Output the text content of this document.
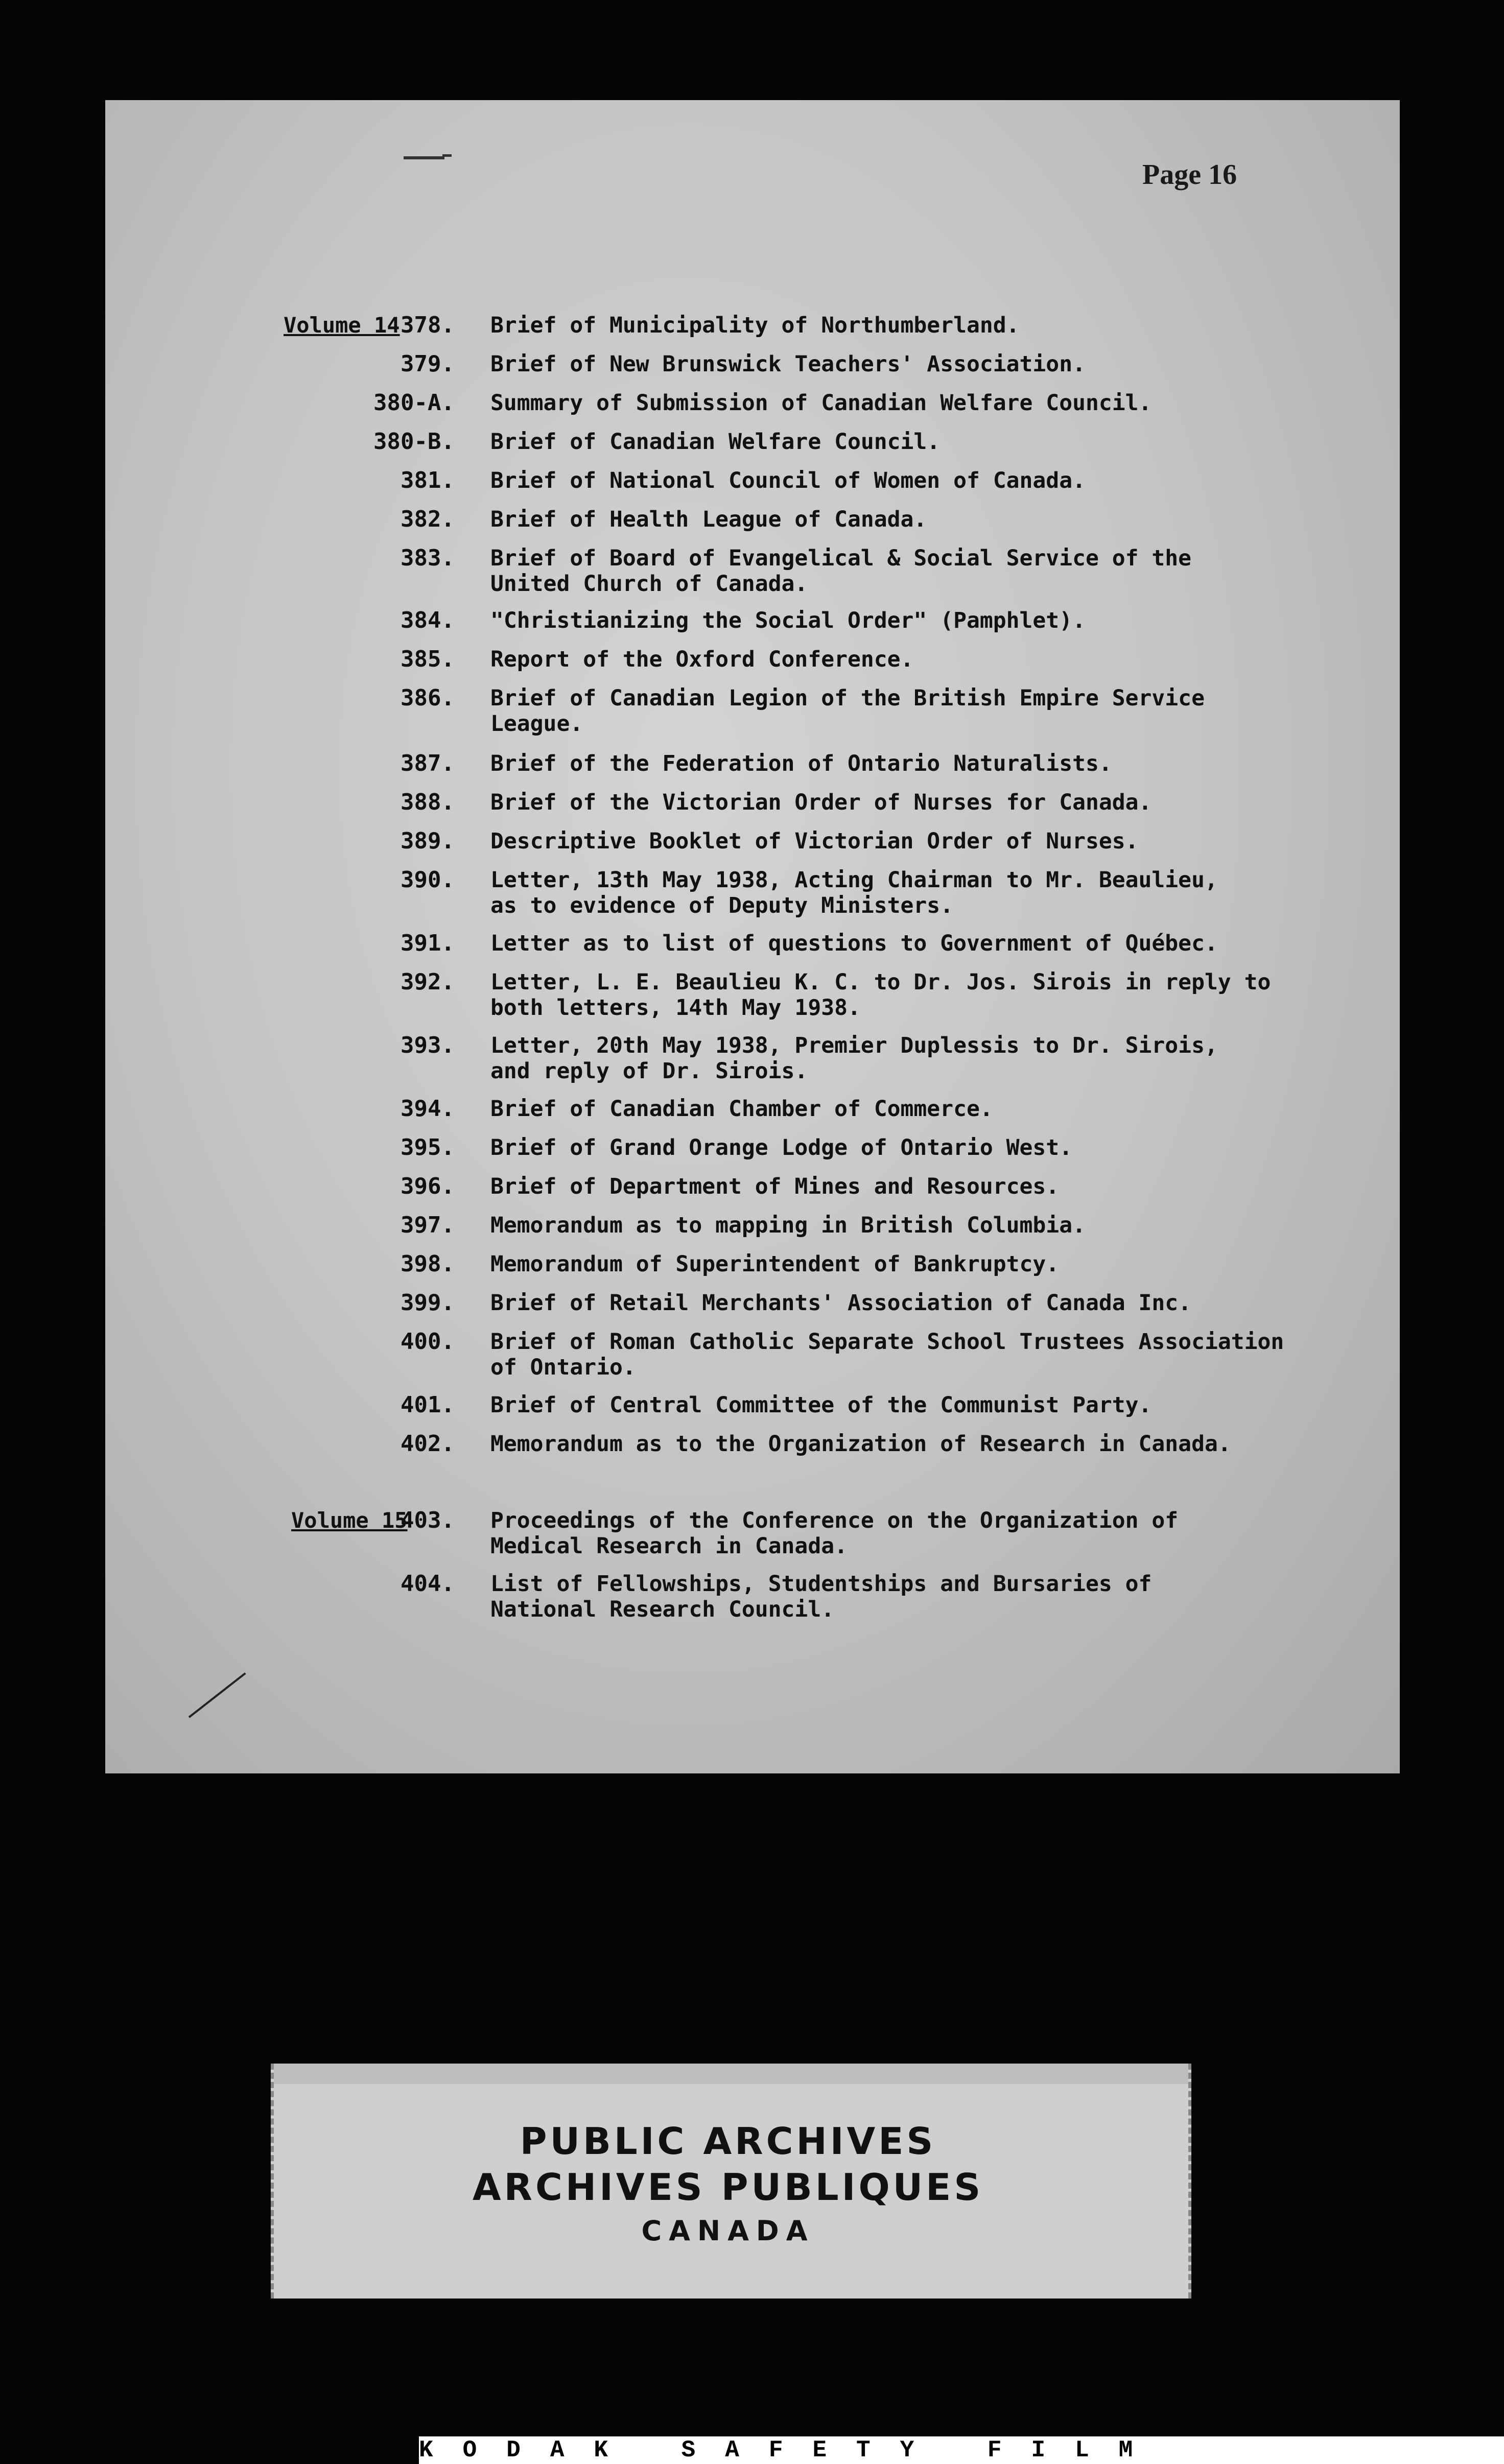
Page 16
Volume 14
Volume 15
378. Brief of Municipality of Northumberland.
379. Brief of New Brunswick Teachers' Association.
380-A. Summary of Submission of Canadian Welfare Council.
380-B. Brief of Canadian Welfare Council.
381. Brief of National Council of Women of Canada.
382. Brief of Health League of Canada.
383. Brief of Board of Evangelical & Social Service of the
United Church of Canada.
384. "Christianizing the Social Order" (Pamphlet).
385. Report of the Oxford Conference.
386. Brief of Canadian Legion of the British Empire Service
League.
387. Brief of the Federation of Ontario Naturalists.
388. Brief of the Victorian Order of Nurses for Canada.
389. Descriptive Booklet of Victorian Order of Nurses.
390. Letter, 13th May 1938, Acting Chairman to Mr. Beaulieu,
as to evidence of Deputy Ministers.
391. Letter as to list of questions to Government of Québec.
392. Letter, L. E. Beaulieu K. C. to Dr. Jos. Sirois in reply to
both letters, 14th May 1938.
393. Letter, 20th May 1938, Premier Duplessis to Dr. Sirois,
and reply of Dr. Sirois.
394. Brief of Canadian Chamber of Commerce.
395. Brief of Grand Orange Lodge of Ontario West.
396. Brief of Department of Mines and Resources.
397. Memorandum as to mapping in British Columbia.
398. Memorandum of Superintendent of Bankruptcy.
399. Brief of Retail Merchants' Association of Canada Inc.
400. Brief of Roman Catholic Separate School Trustees Association
of Ontario.
401. Brief of Central Committee of the Communist Party.
402. Memorandum as to the Organization of Research in Canada.
403. Proceedings of the Conference on the Organization of
Medical Research in Canada.
404. List of Fellowships, Studentships and Bursaries of
National Research Council.
PUBLIC ARCHIVES
ARCHIVES PUBLIQUES
CANADA
KODAK SAFETY FILM
